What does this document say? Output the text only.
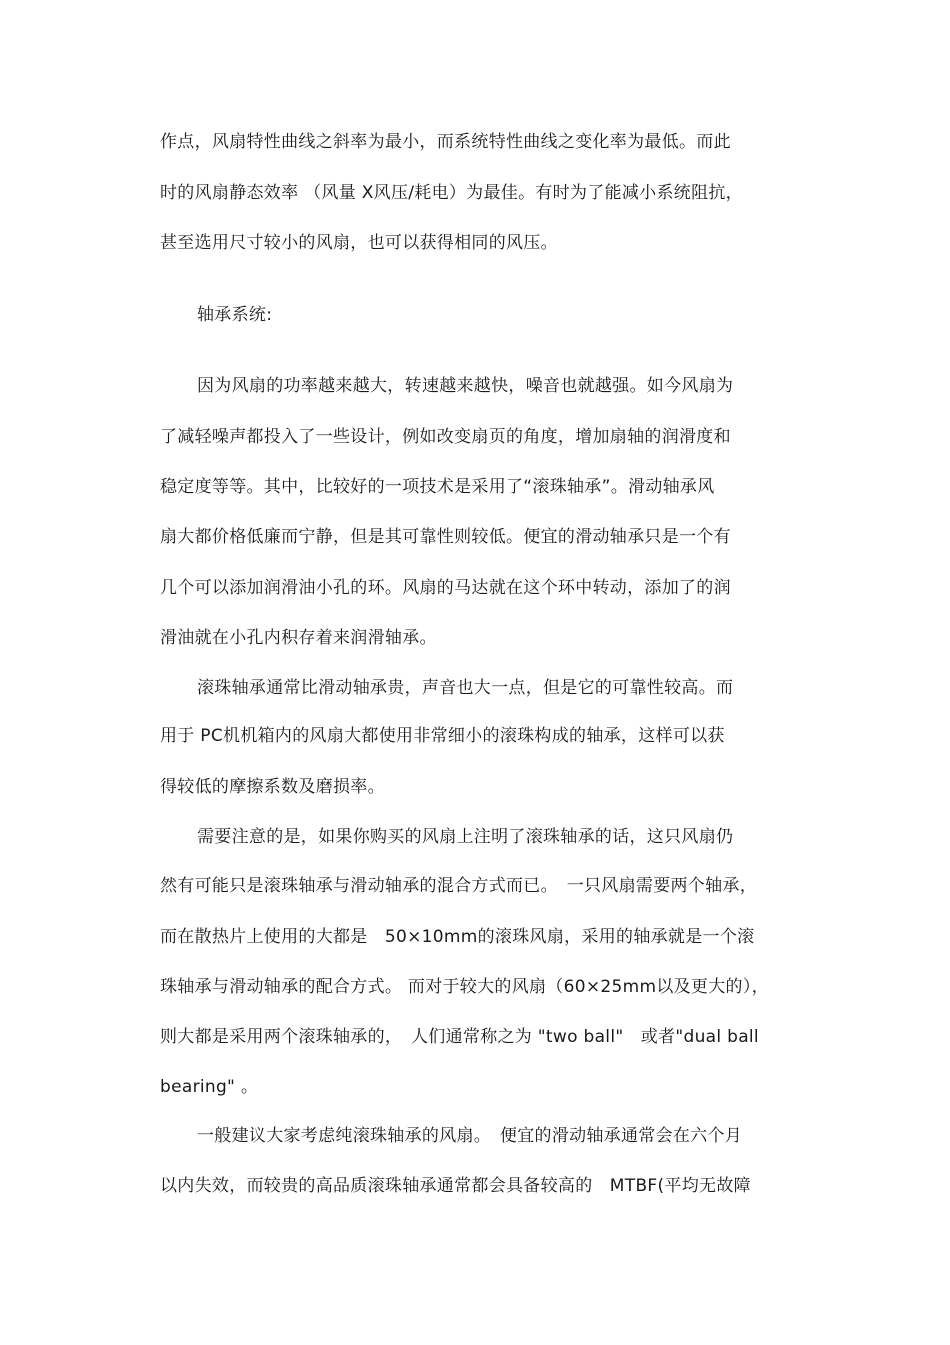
作点，风扇特性曲线之斜率为最小，而系统特性曲线之变化率为最低。而此
时的风扇静态效率 （风量 X风压/耗电）为最佳。有时为了能减小系统阻抗，
甚至选用尺寸较小的风扇，也可以获得相同的风压。
轴承系统:
因为风扇的功率越来越大，转速越来越快，噪音也就越强。如今风扇为
了减轻噪声都投入了一些设计，例如改变扇页的角度，增加扇轴的润滑度和
稳定度等等。其中，比较好的一项技术是采用了“滚珠轴承”。滑动轴承风
扇大都价格低廉而宁静，但是其可靠性则较低。便宜的滑动轴承只是一个有
几个可以添加润滑油小孔的环。风扇的马达就在这个环中转动，添加了的润
滑油就在小孔内积存着来润滑轴承。
滚珠轴承通常比滑动轴承贵，声音也大一点，但是它的可靠性较高。而
用于 PC机机箱内的风扇大都使用非常细小的滚珠构成的轴承，这样可以获
得较低的摩擦系数及磨损率。
需要注意的是，如果你购买的风扇上注明了滚珠轴承的话，这只风扇仍
然有可能只是滚珠轴承与滑动轴承的混合方式而已。　一只风扇需要两个轴承，
而在散热片上使用的大都是　50×10mm的滚珠风扇，采用的轴承就是一个滚
珠轴承与滑动轴承的配合方式。 而对于较大的风扇（60×25mm以及更大的），
则大都是采用两个滚珠轴承的，　人们通常称之为 "two ball"　或者"dual ball
bearing" 。
一般建议大家考虑纯滚珠轴承的风扇。　便宜的滑动轴承通常会在六个月
以内失效，而较贵的高品质滚珠轴承通常都会具备较高的　MTBF(平均无故障
